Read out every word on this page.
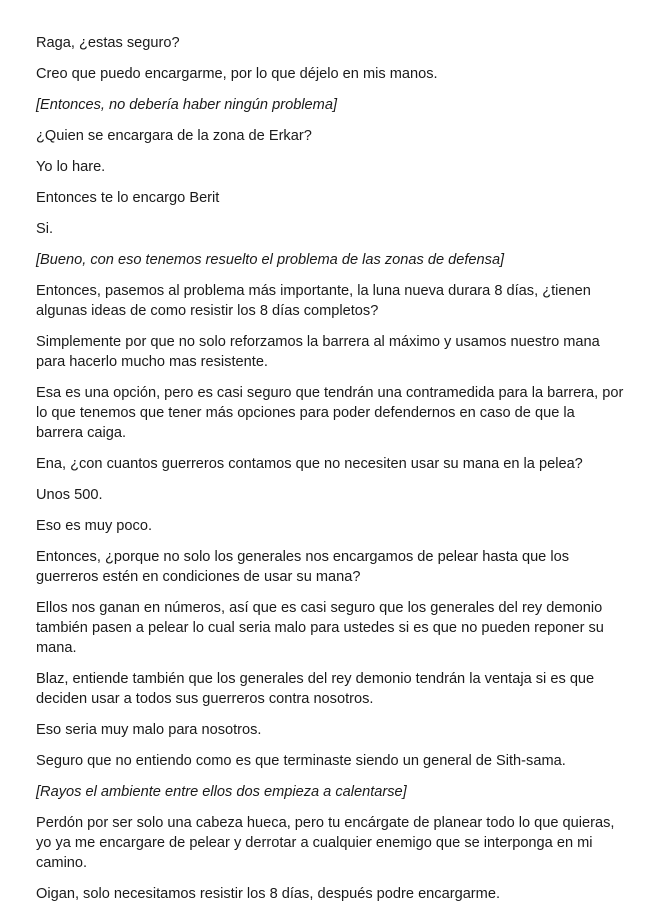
Raga, ¿estas seguro?

Creo que puedo encargarme, por lo que déjelo en mis manos.

[Entonces, no debería haber ningún problema]

¿Quien se encargara de la zona de Erkar?

Yo lo hare.

Entonces te lo encargo Berit

Si.

[Bueno, con eso tenemos resuelto el problema de las zonas de defensa]

Entonces, pasemos al problema más importante, la luna nueva durara 8 días, ¿tienen algunas ideas de como resistir los 8 días completos?

Simplemente por que no solo reforzamos la barrera al máximo y usamos nuestro mana para hacerlo mucho mas resistente.

Esa es una opción, pero es casi seguro que tendrán una contramedida para la barrera, por lo que tenemos que tener más opciones para poder defendernos en caso de que la barrera caiga.

Ena, ¿con cuantos guerreros contamos que no necesiten usar su mana en la pelea?

Unos 500.

Eso es muy poco.

Entonces, ¿porque no solo los generales nos encargamos de pelear hasta que los guerreros estén en condiciones de usar su mana?

Ellos nos ganan en números, así que es casi seguro que los generales del rey demonio también pasen a pelear lo cual seria malo para ustedes si es que no pueden reponer su mana.

Blaz, entiende también que los generales del rey demonio tendrán la ventaja si es que deciden usar a todos sus guerreros contra nosotros.

Eso seria muy malo para nosotros.

Seguro que no entiendo como es que terminaste siendo un general de Sith-sama.

[Rayos el ambiente entre ellos dos empieza a calentarse]

Perdón por ser solo una cabeza hueca, pero tu encárgate de planear todo lo que quieras, yo ya me encargare de pelear y derrotar a cualquier enemigo que se interponga en mi camino.

Oigan, solo necesitamos resistir los 8 días, después podre encargarme.
